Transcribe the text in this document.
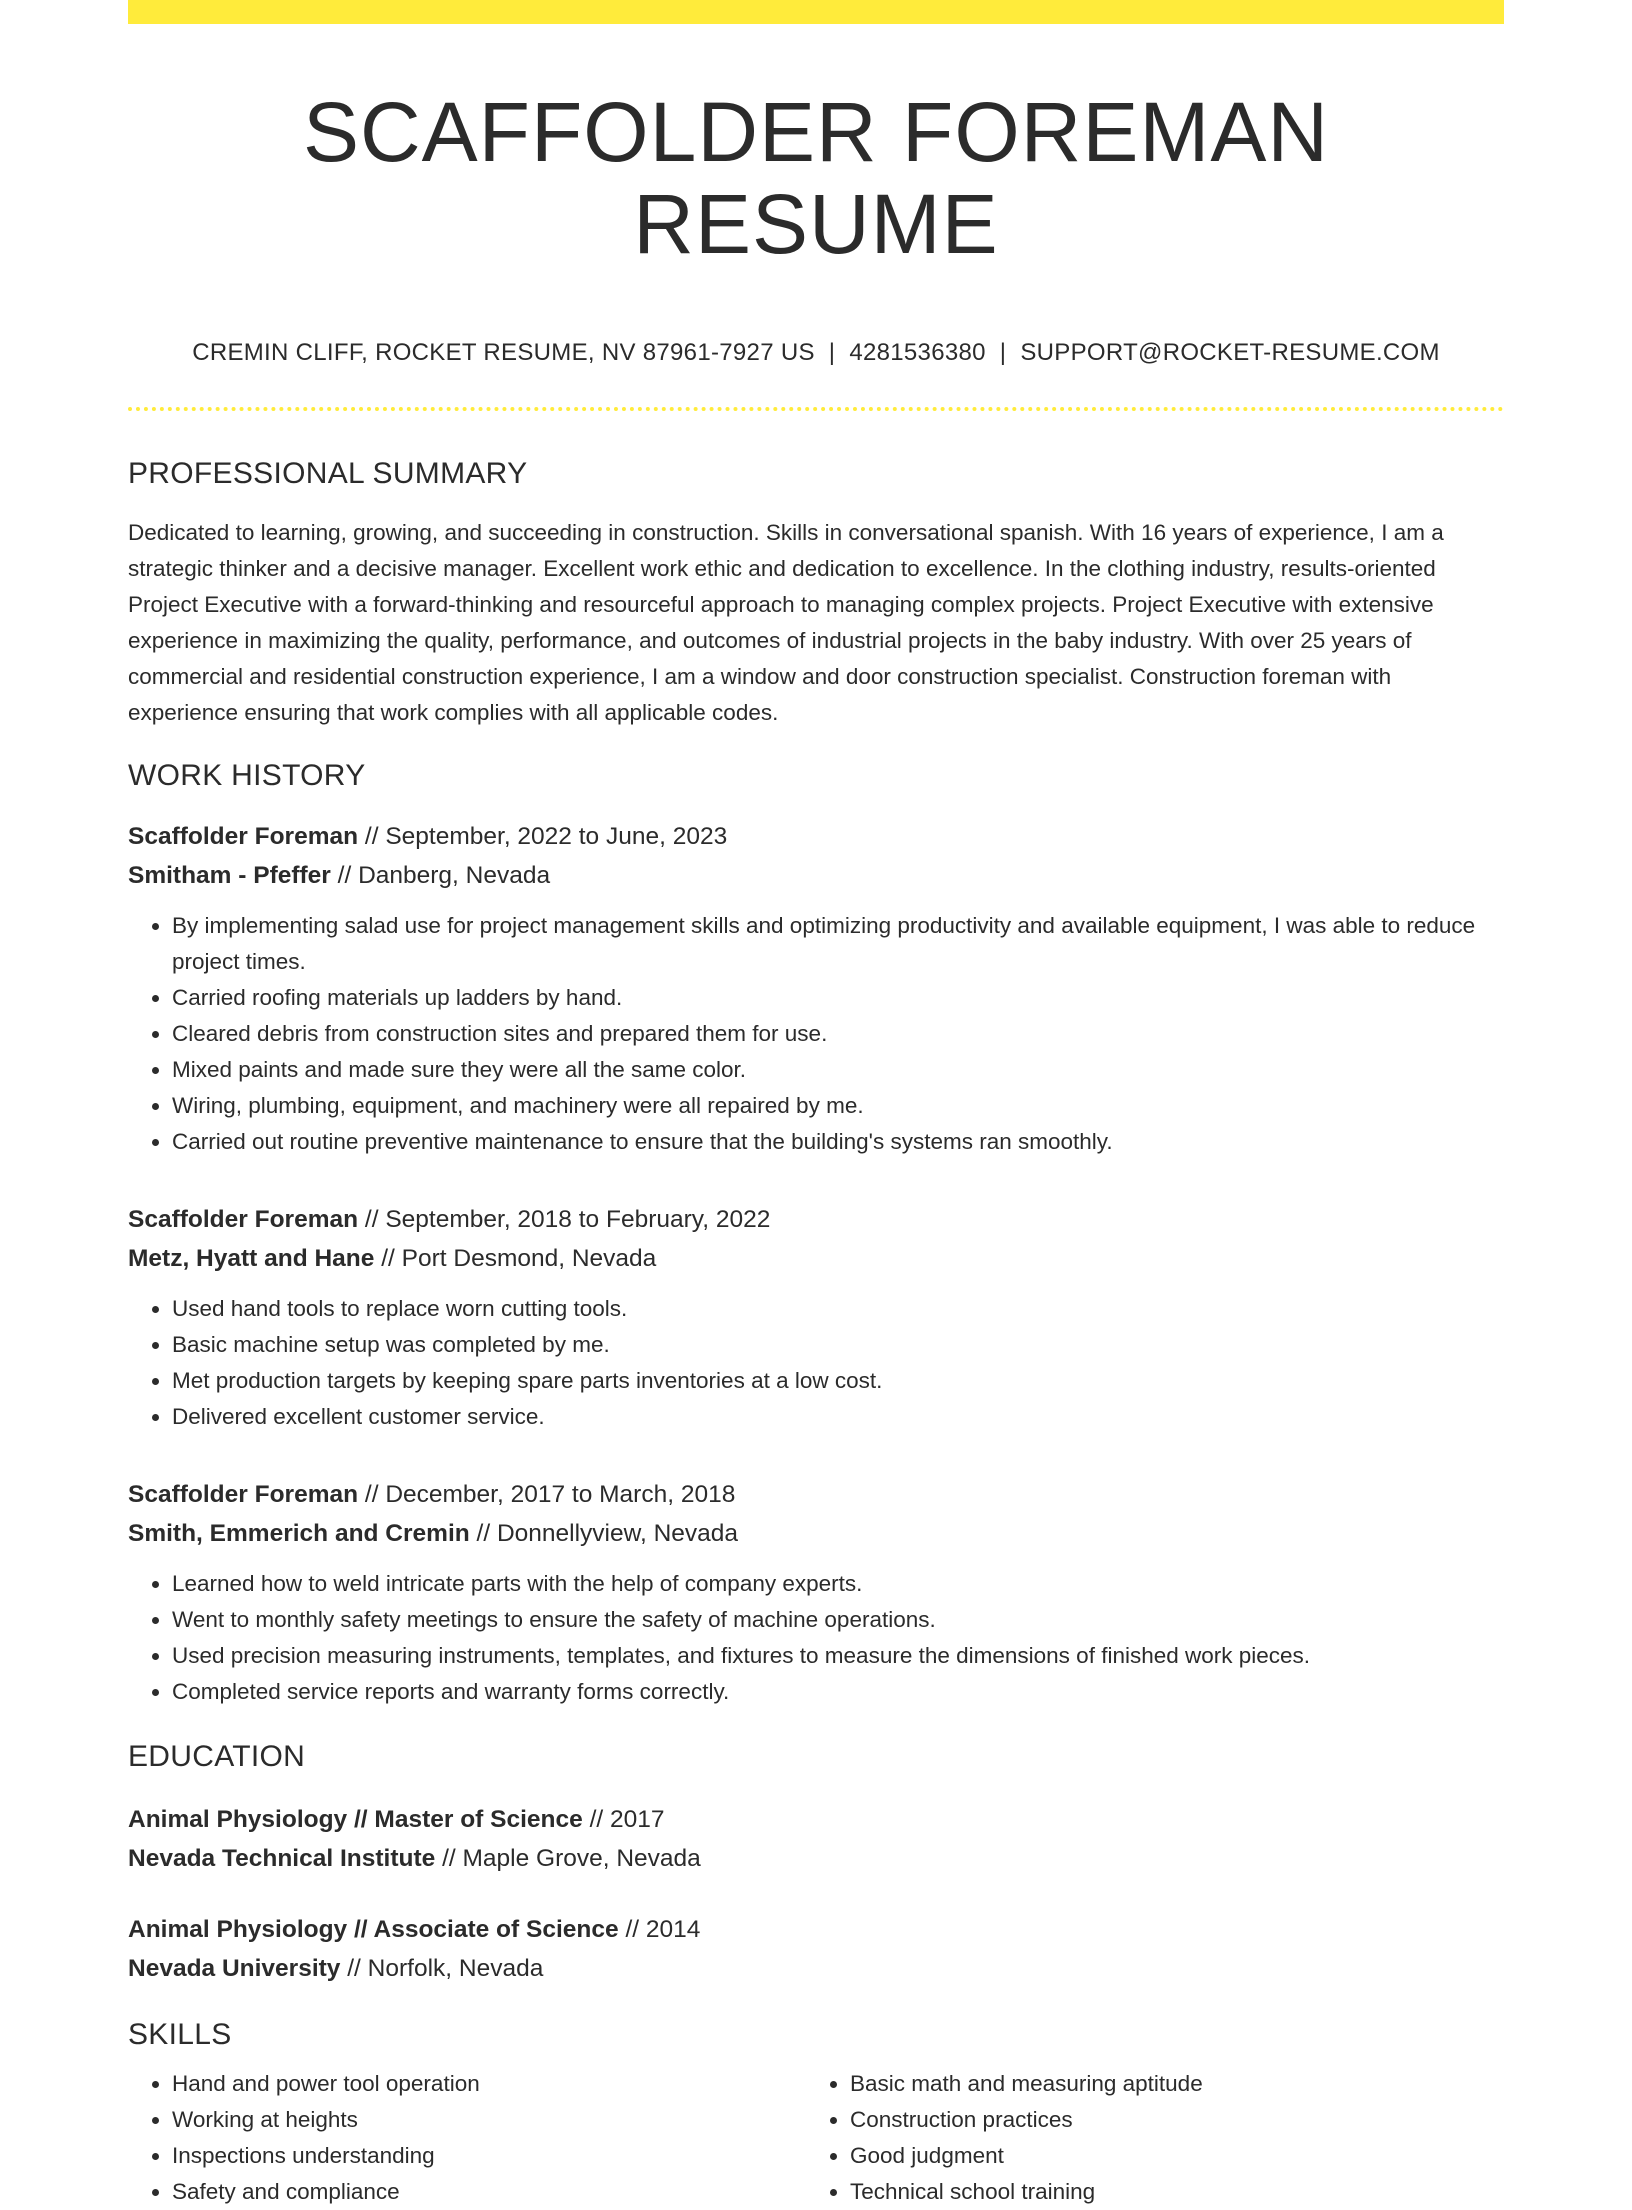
SCAFFOLDER FOREMAN RESUME
CREMIN CLIFF, ROCKET RESUME, NV 87961-7927 US | 4281536380 | SUPPORT@ROCKET-RESUME.COM
PROFESSIONAL SUMMARY

Dedicated to learning, growing, and succeeding in construction. Skills in conversational spanish. With 16 years of experience, I am a strategic thinker and a decisive manager. Excellent work ethic and dedication to excellence. In the clothing industry, results-oriented Project Executive with a forward-thinking and resourceful approach to managing complex projects. Project Executive with extensive experience in maximizing the quality, performance, and outcomes of industrial projects in the baby industry. With over 25 years of commercial and residential construction experience, I am a window and door construction specialist. Construction foreman with experience ensuring that work complies with all applicable codes.

WORK HISTORY
Scaffolder Foreman // September, 2022 to June, 2023
Smitham - Pfeffer // Danberg, Nevada
• By implementing salad use for project management skills and optimizing productivity and available equipment, I was able to reduce project times.
• Carried roofing materials up ladders by hand.
• Cleared debris from construction sites and prepared them for use.
• Mixed paints and made sure they were all the same color.
• Wiring, plumbing, equipment, and machinery were all repaired by me.
• Carried out routine preventive maintenance to ensure that the building's systems ran smoothly.
Scaffolder Foreman // September, 2018 to February, 2022
Metz, Hyatt and Hane // Port Desmond, Nevada
• Used hand tools to replace worn cutting tools.
• Basic machine setup was completed by me.
• Met production targets by keeping spare parts inventories at a low cost.
• Delivered excellent customer service.
Scaffolder Foreman // December, 2017 to March, 2018
Smith, Emmerich and Cremin // Donnellyview, Nevada
• Learned how to weld intricate parts with the help of company experts.
• Went to monthly safety meetings to ensure the safety of machine operations.
• Used precision measuring instruments, templates, and fixtures to measure the dimensions of finished work pieces.
• Completed service reports and warranty forms correctly.
EDUCATION
Animal Physiology // Master of Science // 2017
Nevada Technical Institute // Maple Grove, Nevada
Animal Physiology // Associate of Science // 2014
Nevada University // Norfolk, Nevada
SKILLS
• Hand and power tool operation
• Working at heights
• Inspections understanding
• Safety and compliance
• Basic math and measuring aptitude
• Construction practices
• Good judgment
• Technical school training
